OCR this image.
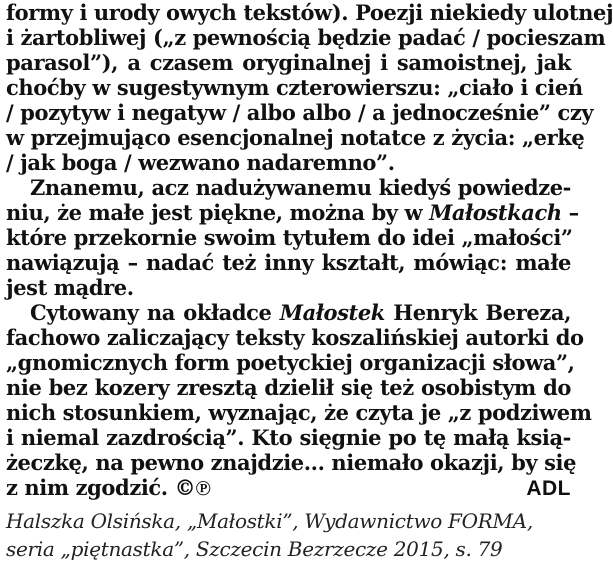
formy i urody owych tekstów). Poezji niekiedy ulotnej
i żartobliwej („z pewnością będzie padać / pocieszam
parasol”), a czasem oryginalnej i samoistnej, jak
choćby w sugestywnym czterowierszu: „ciało i cień
/ pozytyw i negatyw / albo albo / a jednocześnie” czy
w przejmująco esencjonalnej notatce z życia: „erkę
/ jak boga / wezwano nadaremno”.
Znanemu, acz nadużywanemu kiedyś powiedze-
niu, że małe jest piękne, można by w Małostkach –
które przekornie swoim tytułem do idei „małości”
nawiązują – nadać też inny kształt, mówiąc: małe
jest mądre.
Cytowany na okładce Małostek Henryk Bereza,
fachowo zaliczający teksty koszalińskiej autorki do
„gnomicznych form poetyckiej organizacji słowa”,
nie bez kozery zresztą dzielił się też osobistym do
nich stosunkiem, wyznając, że czyta je „z podziwem
i niemal zazdrością”. Kto sięgnie po tę małą ksią-
żeczkę, na pewno znajdzie... niemało okazji, by się
z nim zgodzić. ©℗	ADL
Halszka Olsińska, „Małostki”, Wydawnictwo FORMA,
seria „piętnastka”, Szczecin Bezrzecze 2015, s. 79
